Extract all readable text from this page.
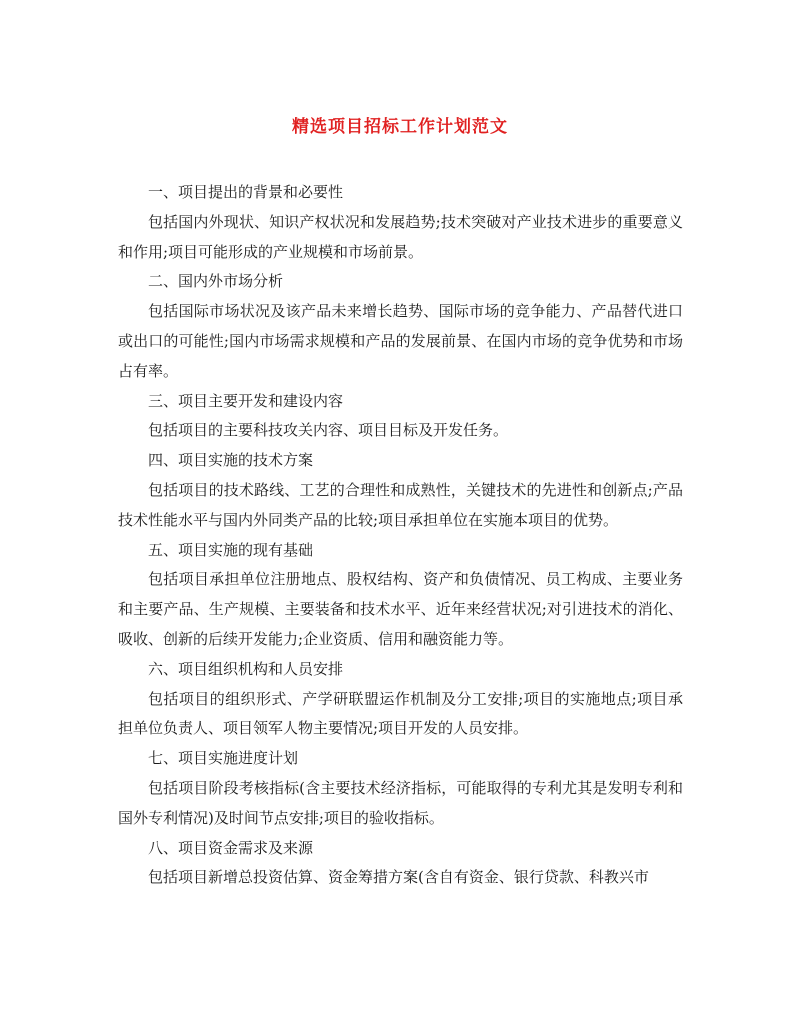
精选项目招标工作计划范文

一、项目提出的背景和必要性

包括国内外现状、知识产权状况和发展趋势;技术突破对产业技术进步的重要意义和作用;项目可能形成的产业规模和市场前景。

二、国内外市场分析

包括国际市场状况及该产品未来增长趋势、国际市场的竞争能力、产品替代进口或出口的可能性;国内市场需求规模和产品的发展前景、在国内市场的竞争优势和市场占有率。

三、项目主要开发和建设内容

包括项目的主要科技攻关内容、项目目标及开发任务。

四、项目实施的技术方案

包括项目的技术路线、工艺的合理性和成熟性，关键技术的先进性和创新点;产品技术性能水平与国内外同类产品的比较;项目承担单位在实施本项目的优势。

五、项目实施的现有基础

包括项目承担单位注册地点、股权结构、资产和负债情况、员工构成、主要业务和主要产品、生产规模、主要装备和技术水平、近年来经营状况;对引进技术的消化、吸收、创新的后续开发能力;企业资质、信用和融资能力等。

六、项目组织机构和人员安排

包括项目的组织形式、产学研联盟运作机制及分工安排;项目的实施地点;项目承担单位负责人、项目领军人物主要情况;项目开发的人员安排。

七、项目实施进度计划

包括项目阶段考核指标(含主要技术经济指标，可能取得的专利尤其是发明专利和国外专利情况)及时间节点安排;项目的验收指标。

八、项目资金需求及来源

包括项目新增总投资估算、资金筹措方案(含自有资金、银行贷款、科教兴市
